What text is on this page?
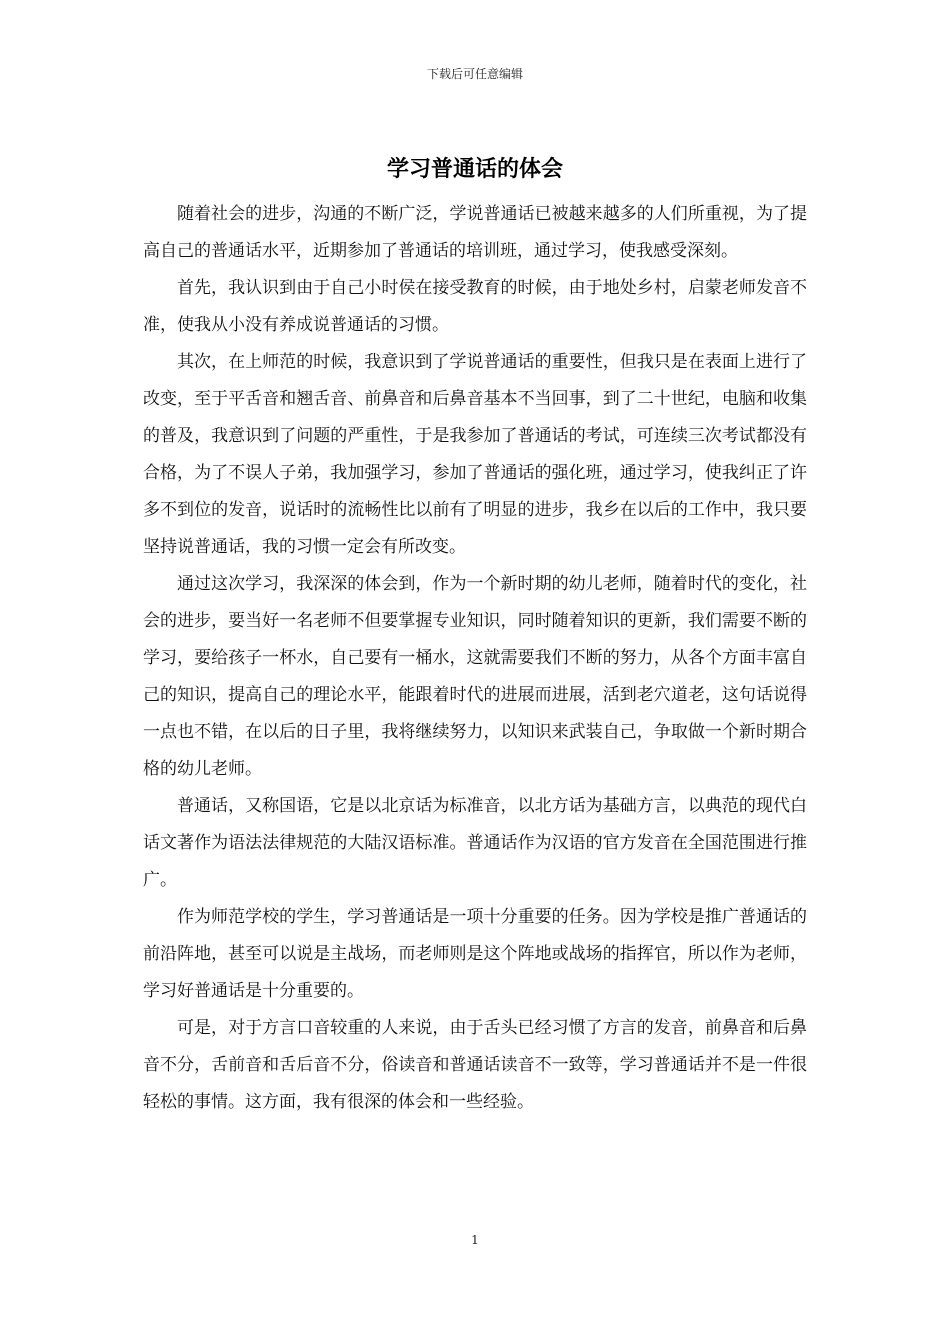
下载后可任意编辑
学习普通话的体会

随着社会的进步，沟通的不断广泛，学说普通话已被越来越多的人们所重视，为了提高自己的普通话水平，近期参加了普通话的培训班，通过学习，使我感受深刻。

首先，我认识到由于自己小时侯在接受教育的时候，由于地处乡村，启蒙老师发音不准，使我从小没有养成说普通话的习惯。

其次，在上师范的时候，我意识到了学说普通话的重要性，但我只是在表面上进行了改变，至于平舌音和翘舌音、前鼻音和后鼻音基本不当回事，到了二十世纪，电脑和收集的普及，我意识到了问题的严重性，于是我参加了普通话的考试，可连续三次考试都没有合格，为了不误人子弟，我加强学习，参加了普通话的强化班，通过学习，使我纠正了许多不到位的发音，说话时的流畅性比以前有了明显的进步，我乡在以后的工作中，我只要坚持说普通话，我的习惯一定会有所改变。

通过这次学习，我深深的体会到，作为一个新时期的幼儿老师，随着时代的变化，社会的进步，要当好一名老师不但要掌握专业知识，同时随着知识的更新，我们需要不断的学习，要给孩子一杯水，自己要有一桶水，这就需要我们不断的努力，从各个方面丰富自己的知识，提高自己的理论水平，能跟着时代的进展而进展，活到老穴道老，这句话说得一点也不错，在以后的日子里，我将继续努力，以知识来武装自己，争取做一个新时期合格的幼儿老师。

普通话，又称国语，它是以北京话为标准音，以北方话为基础方言，以典范的现代白话文著作为语法法律规范的大陆汉语标准。普通话作为汉语的官方发音在全国范围进行推广。

作为师范学校的学生，学习普通话是一项十分重要的任务。因为学校是推广普通话的前沿阵地，甚至可以说是主战场，而老师则是这个阵地或战场的指挥官，所以作为老师，学习好普通话是十分重要的。

可是，对于方言口音较重的人来说，由于舌头已经习惯了方言的发音，前鼻音和后鼻音不分，舌前音和舌后音不分，俗读音和普通话读音不一致等，学习普通话并不是一件很轻松的事情。这方面，我有很深的体会和一些经验。

1
